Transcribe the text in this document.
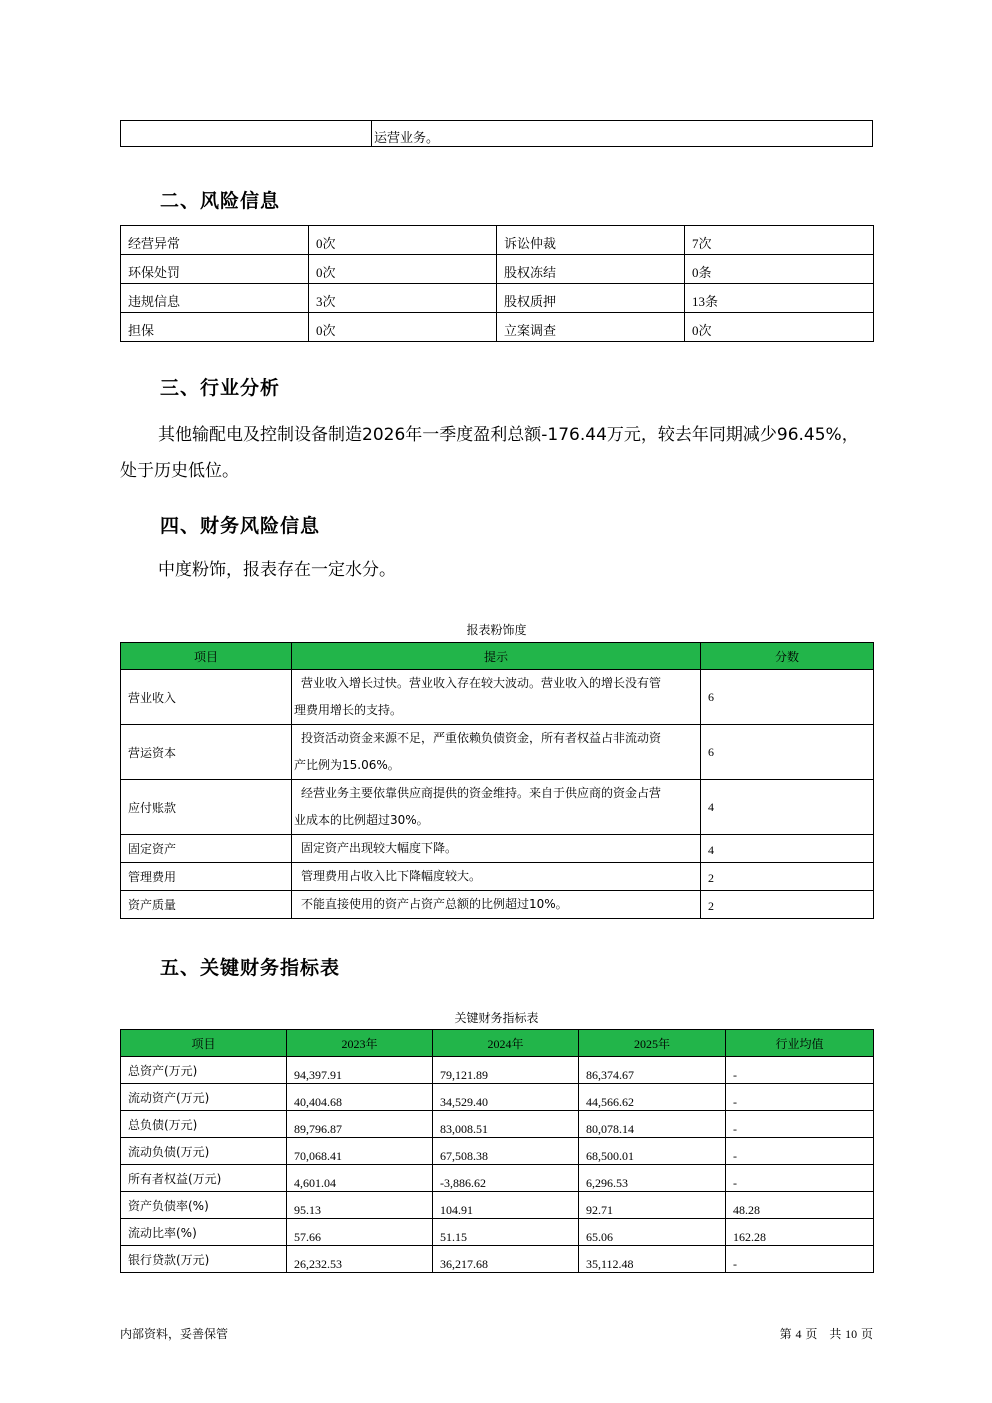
	运营业务。
二、风险信息
经营异常	0次	诉讼仲裁	7次
环保处罚	0次	股权冻结	0条
违规信息	3次	股权质押	13条
担保	0次	立案调查	0次
三、行业分析
其他输配电及控制设备制造2026年一季度盈利总额-176.44万元，较去年同期减少96.45%，
处于历史低位。
四、财务风险信息
中度粉饰，报表存在一定水分。
报表粉饰度
项目	提示	分数
营业收入	营业收入增长过快。营业收入存在较大波动。营业收入的增长没有管
理费用增长的支持。	6
营运资本	投资活动资金来源不足，严重依赖负债资金，所有者权益占非流动资
产比例为15.06%。	6
应付账款	经营业务主要依靠供应商提供的资金维持。来自于供应商的资金占营
业成本的比例超过30%。	4
固定资产	固定资产出现较大幅度下降。	4
管理费用	管理费用占收入比下降幅度较大。	2
资产质量	不能直接使用的资产占资产总额的比例超过10%。	2
五、关键财务指标表
关键财务指标表
项目	2023年	2024年	2025年	行业均值
总资产(万元)	94,397.91	79,121.89	86,374.67	-
流动资产(万元)	40,404.68	34,529.40	44,566.62	-
总负债(万元)	89,796.87	83,008.51	80,078.14	-
流动负债(万元)	70,068.41	67,508.38	68,500.01	-
所有者权益(万元)	4,601.04	-3,886.62	6,296.53	-
资产负债率(%)	95.13	104.91	92.71	48.28
流动比率(%)	57.66	51.15	65.06	162.28
银行贷款(万元)	26,232.53	36,217.68	35,112.48	-
内部资料，妥善保管	第 4 页　共 10 页
